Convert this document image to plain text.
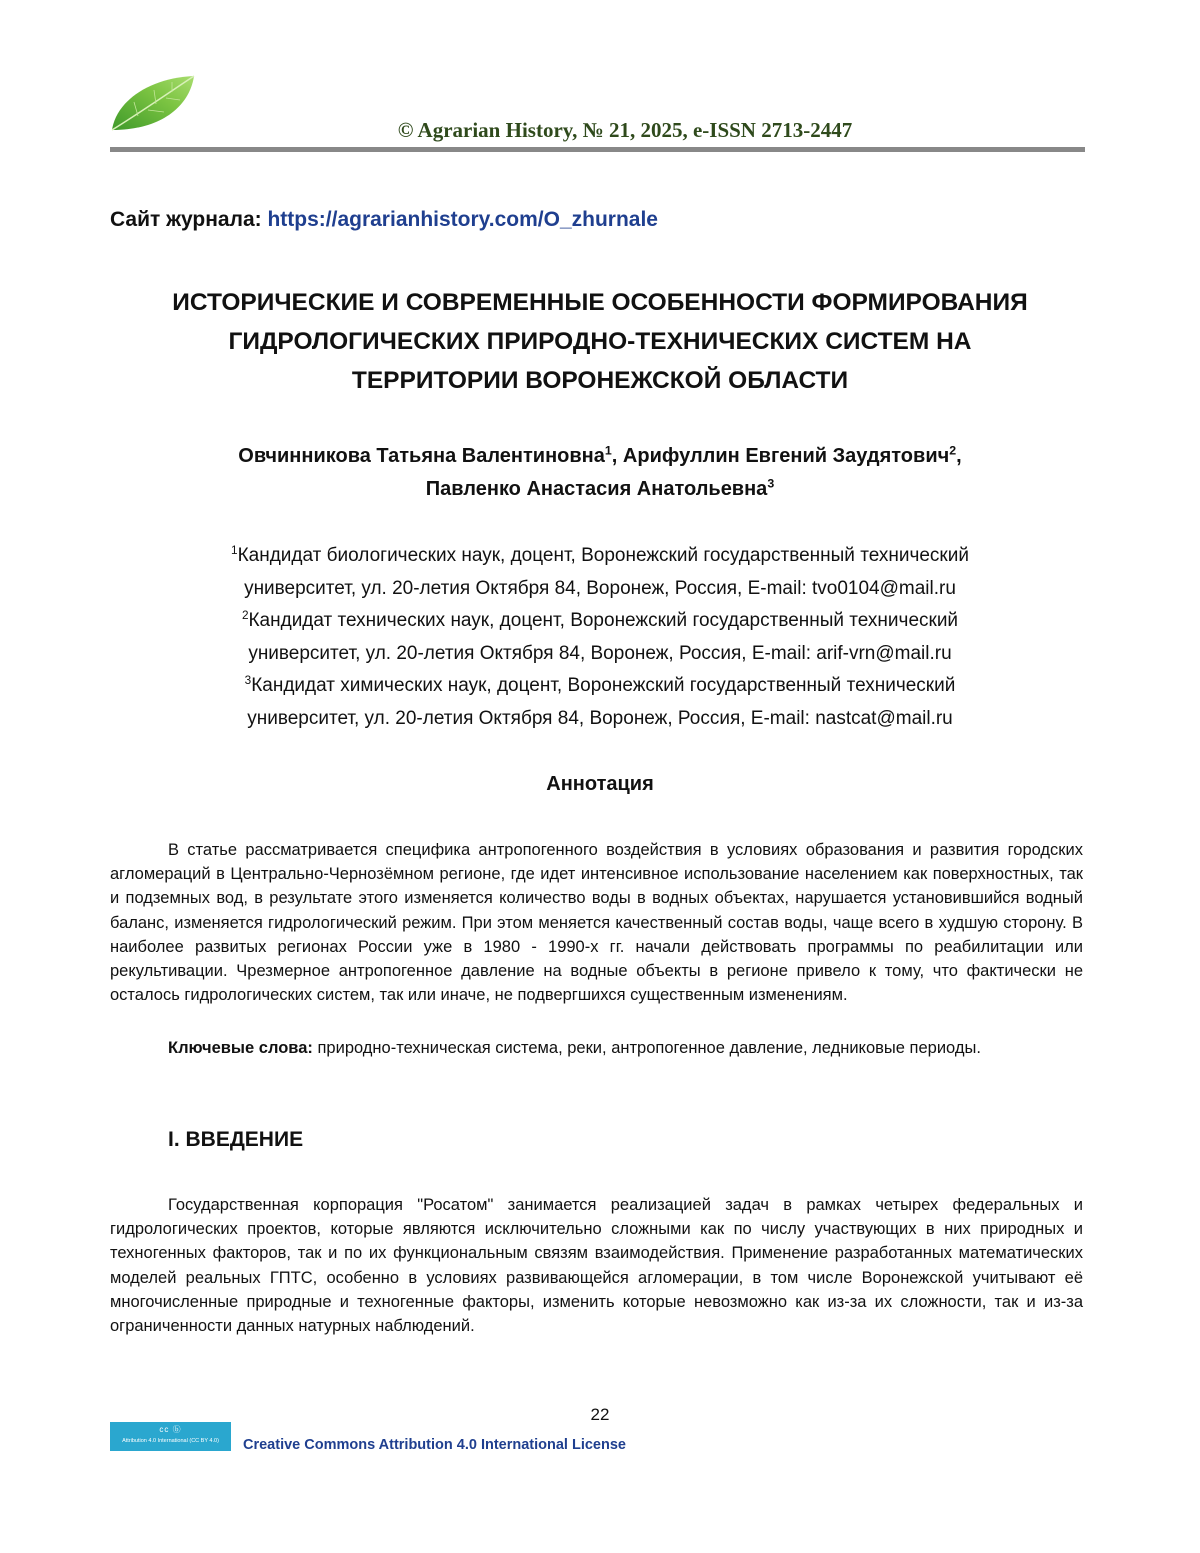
© Agrarian History, № 21, 2025, e-ISSN 2713-2447
Сайт журнала: https://agrarianhistory.com/O_zhurnale
ИСТОРИЧЕСКИЕ И СОВРЕМЕННЫЕ ОСОБЕННОСТИ ФОРМИРОВАНИЯ
ГИДРОЛОГИЧЕСКИХ ПРИРОДНО-ТЕХНИЧЕСКИХ СИСТЕМ НА
ТЕРРИТОРИИ ВОРОНЕЖСКОЙ ОБЛАСТИ
Овчинникова Татьяна Валентиновна$^1$, Арифуллин Евгений Заудятович$^2$,
Павленко Анастасия Анатольевна$^3$
$^1$Кандидат биологических наук, доцент, Воронежский государственный технический
университет, ул. 20-летия Октября 84, Воронеж, Россия, E-mail: tvo0104@mail.ru
$^2$Кандидат технических наук, доцент, Воронежский государственный технический
университет, ул. 20-летия Октября 84, Воронеж, Россия, E-mail: arif-vrn@mail.ru
$^3$Кандидат химических наук, доцент, Воронежский государственный технический
университет, ул. 20-летия Октября 84, Воронеж, Россия, E-mail: nastcat@mail.ru
Аннотация

В статье рассматривается специфика антропогенного воздействия в условиях образования и развития городских агломераций в Центрально-Чернозёмном регионе, где идет интенсивное использование населением как поверхностных, так и подземных вод, в результате этого изменяется количество воды в водных объектах, нарушается установившийся водный баланс, изменяется гидрологический режим. При этом меняется качественный состав воды, чаще всего в худшую сторону. В наиболее развитых регионах России уже в 1980 - 1990-х гг. начали действовать программы по реабилитации или рекультивации. Чрезмерное антропогенное давление на водные объекты в регионе привело к тому, что фактически не осталось гидрологических систем, так или иначе, не подвергшихся существенным изменениям.

Ключевые слова: природно-техническая система, реки, антропогенное давление, ледниковые периоды.

I. ВВЕДЕНИЕ

Государственная корпорация "Росатом" занимается реализацией задач в рамках четырех федеральных и гидрологических проектов, которые являются исключительно сложными как по числу участвующих в них природных и техногенных факторов, так и по их функциональным связям взаимодействия. Применение разработанных математических моделей реальных ГПТС, особенно в условиях развивающейся агломерации, в том числе Воронежской учитывают её многочисленные природные и техногенные факторы, изменить которые невозможно как из-за их сложности, так и из-за ограниченности данных натурных наблюдений.

22
cc ⓑ
Attribution 4.0 International (CC BY 4.0)	Creative Commons Attribution 4.0 International License
